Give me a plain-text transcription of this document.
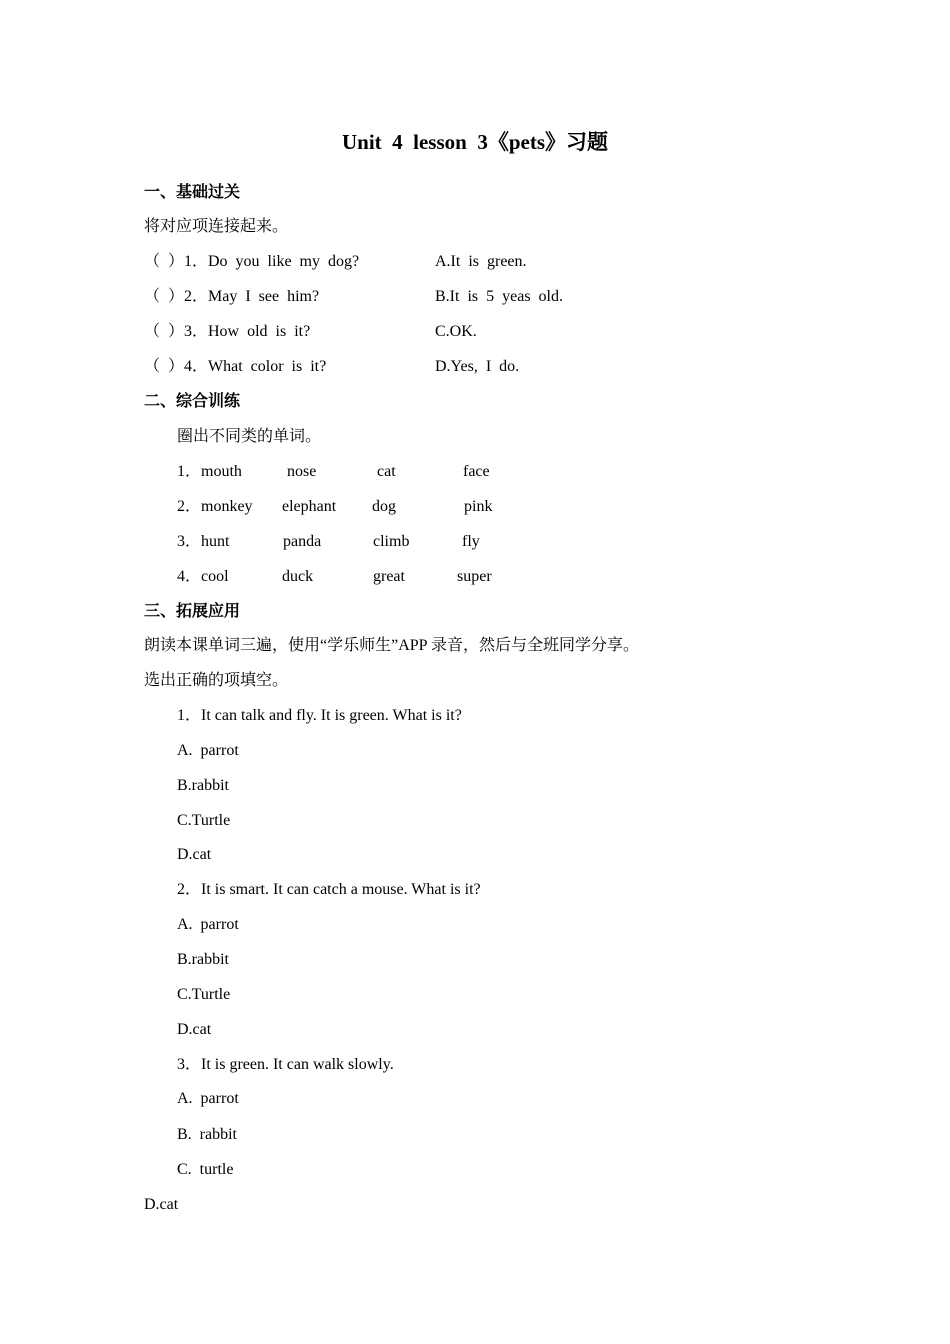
Unit  4  lesson  3《pets》习题
一、基础过关
将对应项连接起来。
（  ）1．Do  you  like  my  dog?	A.It  is  green.
（  ）2．May  I  see  him?	B.It  is  5  yeas  old.
（  ）3．How  old  is  it?	C.OK.
（  ）4．What  color  is  it?	D.Yes,  I  do.
二、综合训练
圈出不同类的单词。
1．mouth	nose	cat	face
2．monkey elephant dog	pink
3．hunt	panda	climb	fly
4．cool	duck	great	super
三、拓展应用
朗读本课单词三遍，使用“学乐师生”APP 录音，然后与全班同学分享。
选出正确的项填空。
1．It can talk and fly. It is green. What is it?
A.  parrot
B.rabbit
C.Turtle
D.cat
2．It is smart. It can catch a mouse. What is it?
A.  parrot
B.rabbit
C.Turtle
D.cat
3．It is green. It can walk slowly.
A.  parrot
B.  rabbit
C.  turtle
D.cat
